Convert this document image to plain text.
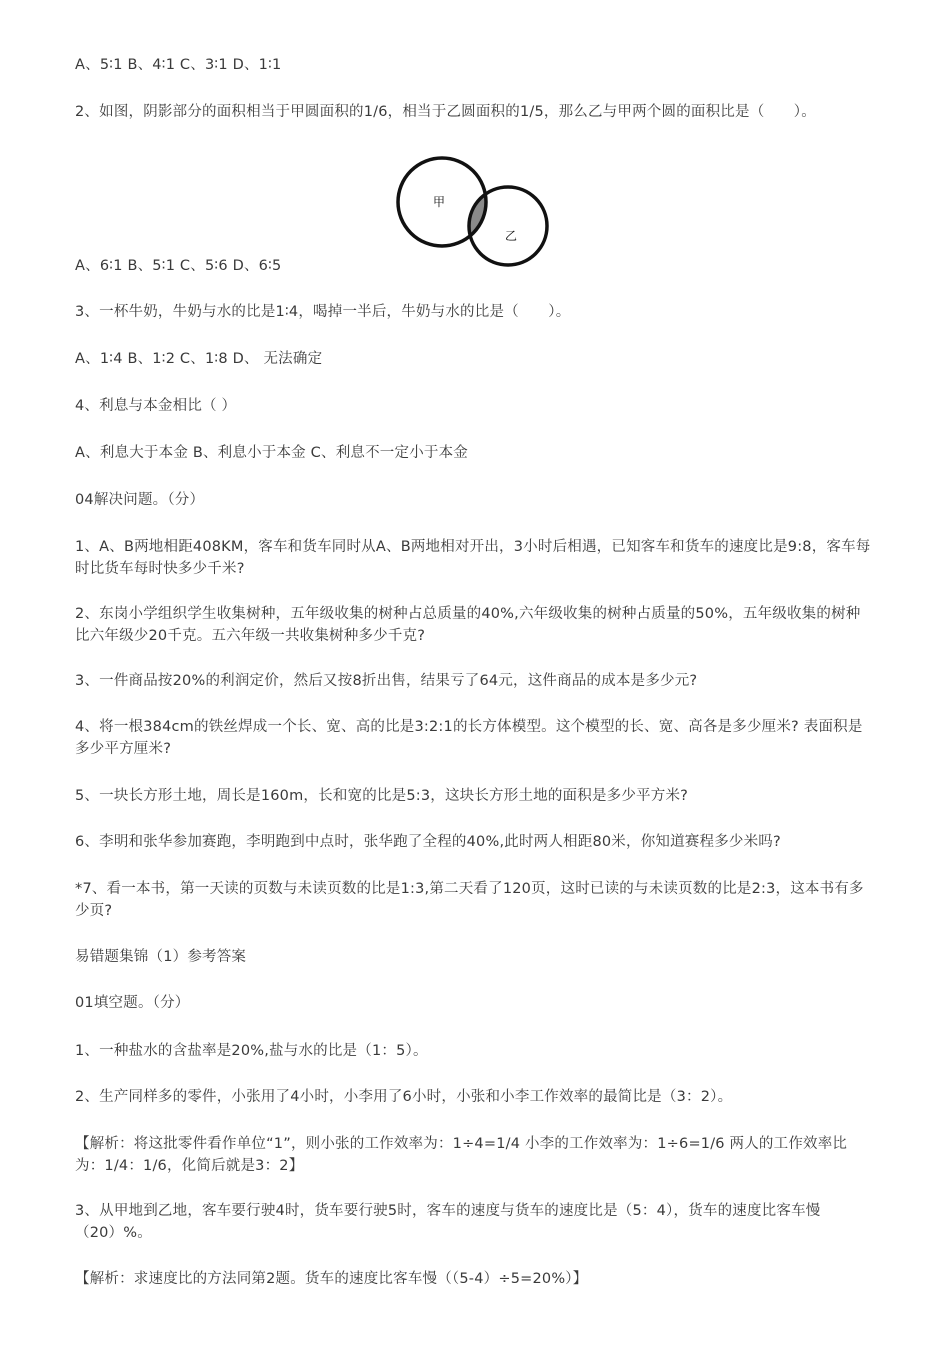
A、5∶1 B、4∶1 C、3∶1 D、1∶1

2、如图，阴影部分的面积相当于甲圆面积的1/6，相当于乙圆面积的1/5，那么乙与甲两个圆的面积比是（　　）。

甲
乙

A、6∶1 B、5∶1 C、5∶6 D、6∶5

3、一杯牛奶，牛奶与水的比是1∶4，喝掉一半后，牛奶与水的比是（　　）。

A、1∶4 B、1∶2 C、1∶8 D、 无法确定

4、利息与本金相比（ ）

A、利息大于本金 B、利息小于本金 C、利息不一定小于本金

04解决问题。（分）

1、A、B两地相距408KM，客车和货车同时从A、B两地相对开出，3小时后相遇，已知客车和货车的速度比是9:8，客车每时比货车每时快多少千米?

2、东岗小学组织学生收集树种，五年级收集的树种占总质量的40%,六年级收集的树种占质量的50%，五年级收集的树种比六年级少20千克。五六年级一共收集树种多少千克?

3、一件商品按20%的利润定价，然后又按8折出售，结果亏了64元，这件商品的成本是多少元?

4、将一根384cm的铁丝焊成一个长、宽、高的比是3:2:1的长方体模型。这个模型的长、宽、高各是多少厘米? 表面积是多少平方厘米?

5、一块长方形土地，周长是160m，长和宽的比是5:3，这块长方形土地的面积是多少平方米?

6、李明和张华参加赛跑，李明跑到中点时，张华跑了全程的40%,此时两人相距80米，你知道赛程多少米吗?

*7、看一本书，第一天读的页数与未读页数的比是1:3,第二天看了120页，这时已读的与未读页数的比是2:3，这本书有多少页?

易错题集锦（1）参考答案

01填空题。（分）

1、一种盐水的含盐率是20%,盐与水的比是（1：5）。

2、生产同样多的零件，小张用了4小时，小李用了6小时，小张和小李工作效率的最简比是（3：2）。

【解析：将这批零件看作单位“1”，则小张的工作效率为：1÷4=1/4 小李的工作效率为：1÷6=1/6 两人的工作效率比为：1/4：1/6，化简后就是3：2】

3、从甲地到乙地，客车要行驶4时，货车要行驶5时，客车的速度与货车的速度比是（5：4），货车的速度比客车慢（20）%。

【解析：求速度比的方法同第2题。货车的速度比客车慢（（5-4）÷5=20%）】
